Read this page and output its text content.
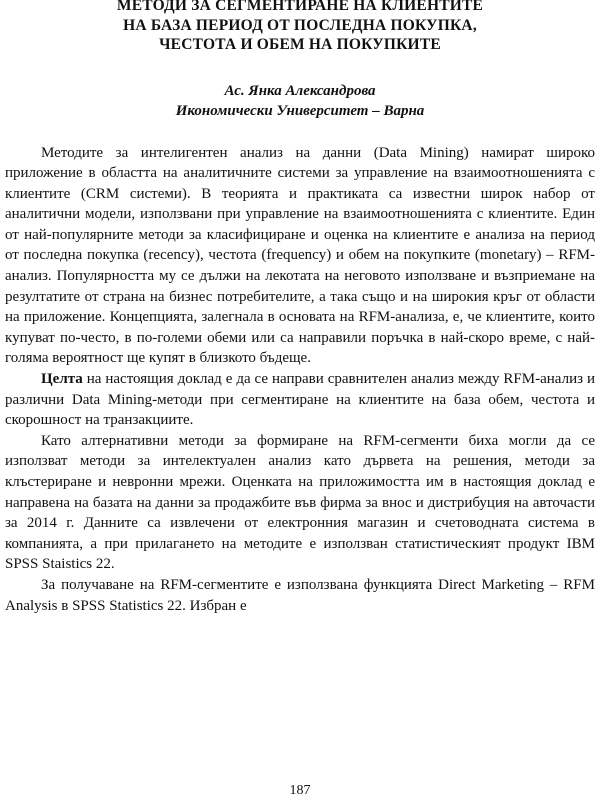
МЕТОДИ ЗА СЕГМЕНТИРАНЕ НА КЛИЕНТИТЕ
НА БАЗА ПЕРИОД ОТ ПОСЛЕДНА ПОКУПКА,
ЧЕСТОТА И ОБЕМ НА ПОКУПКИТЕ
Ас. Янка Александрова
Икономически Университет – Варна

Методите за интелигентен анализ на данни (Data Mining) намират широко приложение в областта на аналитичните системи за управление на взаимоотношенията с клиентите (CRM системи). В теорията и практиката са известни широк набор от аналитични модели, използвани при управление на взаимоотношенията с клиентите. Един от най-популярните методи за класифициране и оценка на клиентите е анализа на период от последна покупка (recency), честота (frequency) и обем на покупките (monetary) – RFM-анализ. Популярността му се дължи на лекотата на неговото използване и възприемане на резултатите от страна на бизнес потребителите, а така също и на широкия кръг от области на приложение. Концепцията, залегнала в основата на RFM-анализа, е, че клиентите, които купуват по-често, в по-големи обеми или са направили поръчка в най-скоро време, с най-голяма вероятност ще купят в близкото бъдеще.

Целта на настоящия доклад е да се направи сравнителен анализ между RFM-анализ и различни Data Mining-методи при сегментиране на клиентите на база обем, честота и скорошност на транзакциите.

Като алтернативни методи за формиране на RFM-сегменти биха могли да се използват методи за интелектуален анализ като дървета на решения, методи за клъстериране и невронни мрежи. Оценката на приложимостта им в настоящия доклад е направена на базата на данни за продажбите във фирма за внос и дистрибуция на авточасти за 2014 г. Данните са извлечени от електронния магазин и счетоводната система в компанията, а при прилагането на методите е използван статистическият продукт IBM SPSS Staistics 22.

За получаване на RFM-сегментите е използвана функцията Direct Marketing – RFM Analysis в SPSS Statistics 22. Избран е

187
